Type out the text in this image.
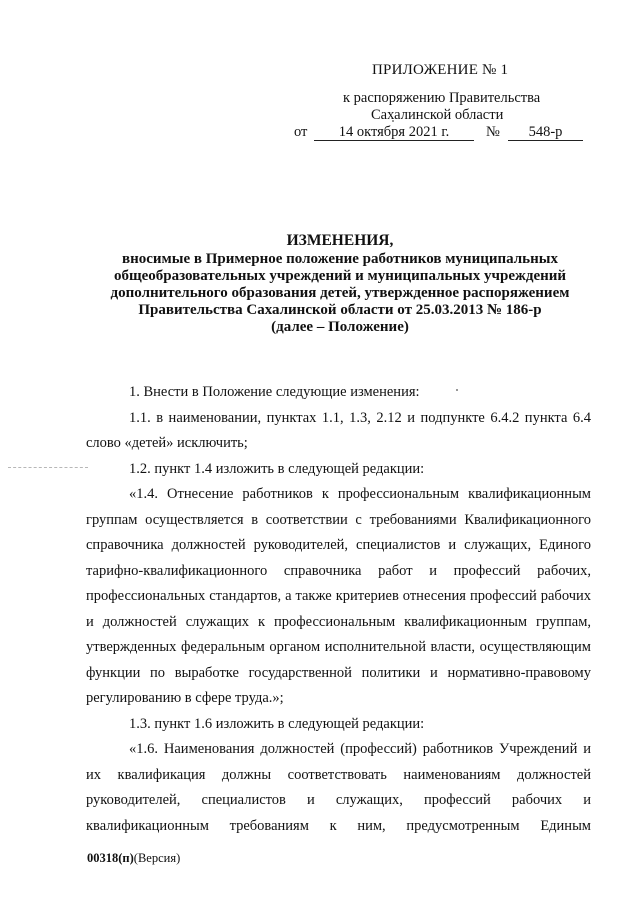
ПРИЛОЖЕНИЕ № 1
к распоряжению Правительства
Сахалинской области
от	14 октября 2021 г.	№	548-р
ИЗМЕНЕНИЯ,
вносимые в Примерное положение работников муниципальных
общеобразовательных учреждений и муниципальных учреждений
дополнительного образования детей, утвержденное распоряжением
Правительства Сахалинской области от 25.03.2013 № 186-р
(далее – Положение)

1. Внести в Положение следующие изменения:

1.1. в наименовании, пунктах 1.1, 1.3, 2.12 и подпункте 6.4.2 пункта 6.4 слово «детей» исключить;

1.2. пункт 1.4 изложить в следующей редакции:

«1.4. Отнесение работников к профессиональным квалификационным группам осуществляется в соответствии с требованиями Квалификационного справочника должностей руководителей, специалистов и служащих, Единого тарифно-квалификационного справочника работ и профессий рабочих, профессиональных стандартов, а также критериев отнесения профессий рабочих и должностей служащих к профессиональным квалификационным группам, утвержденных федеральным органом исполнительной власти, осуществляющим функции по выработке государственной политики и нормативно-правовому регулированию в сфере труда.»;

1.3. пункт 1.6 изложить в следующей редакции:

«1.6. Наименования должностей (профессий) работников Учреждений и их квалификация должны соответствовать наименованиям должностей руководителей, специалистов и служащих, профессий рабочих и квалификационным требованиям к ним, предусмотренным Единым

00318(п)(Версия)
